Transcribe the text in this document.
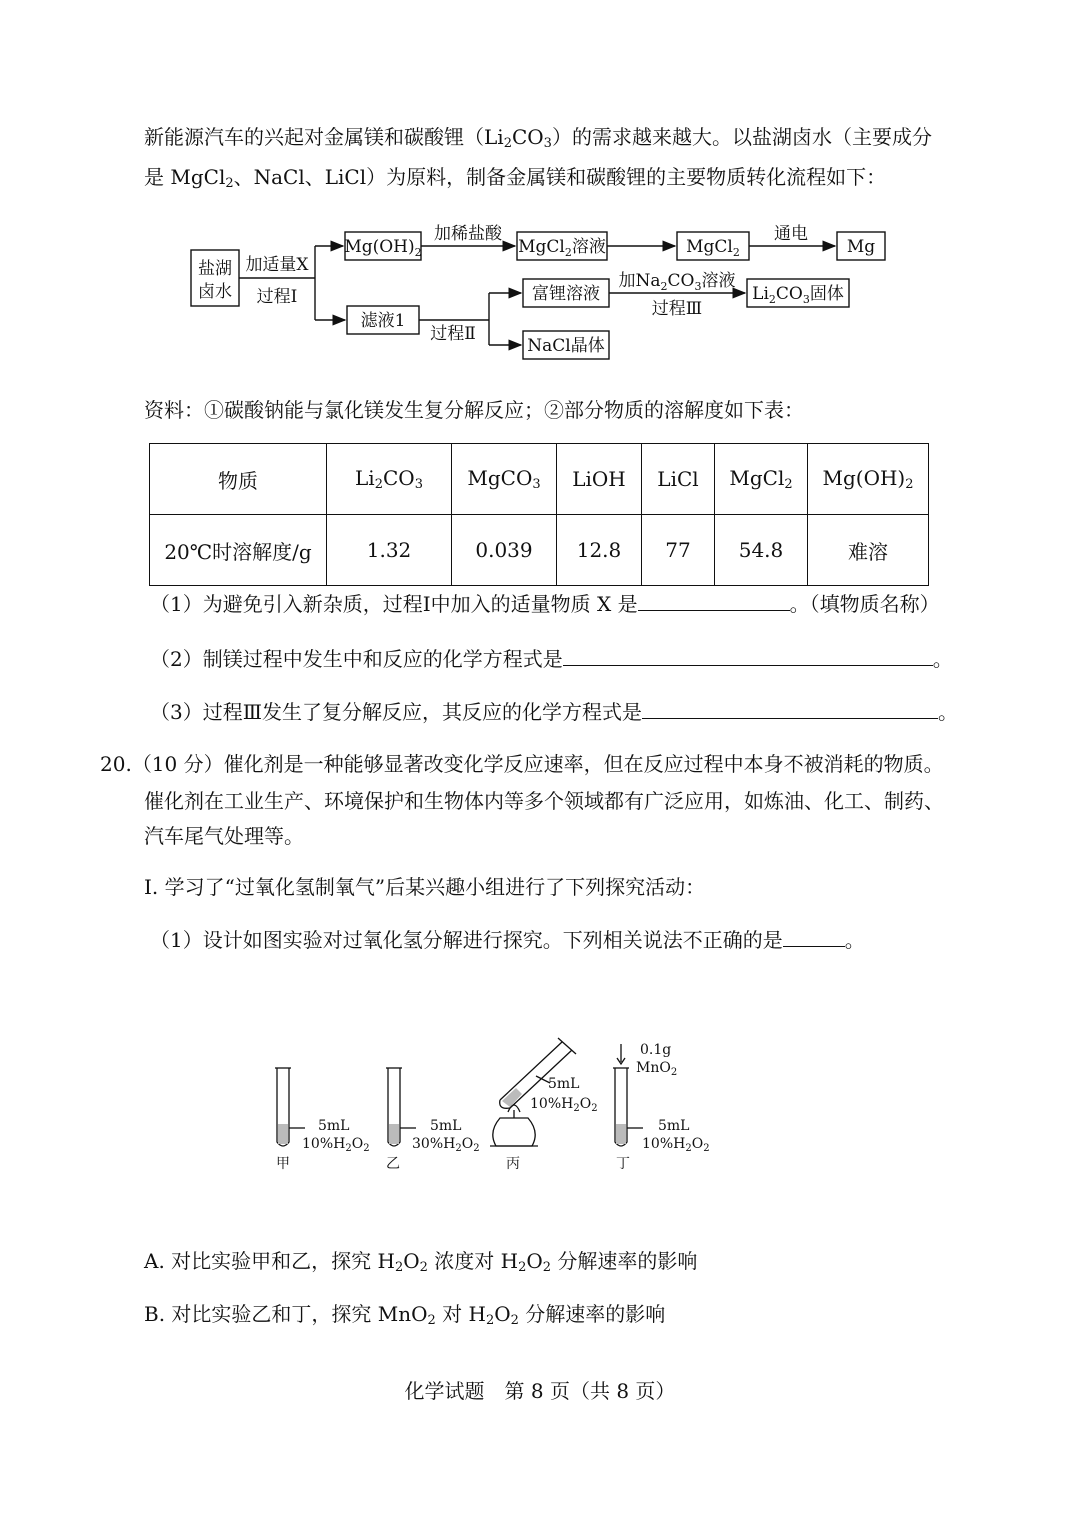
新能源汽车的兴起对金属镁和碳酸锂$(Li_2CO_3)$的需求越来越大。以盐湖卤水（主要成分
是 MgCl$_2$、NaCl、LiCl）为原料，制备金属镁和碳酸锂的主要物质转化流程如下：
盐湖
卤水
加适量X
过程Ⅰ
$Mg(OH)_2$
加稀盐酸
MgCl$_2$溶液	MgCl$_2$
通电
Mg
滤液1
过程Ⅱ
富锂溶液
加$Na_2CO_3$溶液
过程Ⅲ
$Li_2CO_3$固体
NaCl晶体
资料：①碳酸钠能与氯化镁发生复分解反应；②部分物质的溶解度如下表：
物质	$Li_2CO_3$	MgCO$_3$	LiOH	LiCl	MgCl$_2$	$Mg(OH)_2$
20℃时溶解度/g	1.32	0.039	12.8	77	54.8	难溶
（1）为避免引入新杂质，过程Ⅰ中加入的适量物质 X 是	。（填物质名称）
（2）制镁过程中发生中和反应的化学方程式是	。
（3）过程Ⅲ发生了复分解反应，其反应的化学方程式是	。
20.（10 分）催化剂是一种能够显著改变化学反应速率，但在反应过程中本身不被消耗的物质。
催化剂在工业生产、环境保护和生物体内等多个领域都有广泛应用，如炼油、化工、制药、
汽车尾气处理等。
I. 学习了“过氧化氢制氧气”后某兴趣小组进行了下列探究活动：
（1）设计如图实验对过氧化氢分解进行探究。下列相关说法不正确的是	。
5mL
$10\%H_2O_2$
5mL
$30\%H_2O_2$
5mL
$10\%H_2O_2$
0.1g
MnO$_2$
5mL
$10\%H_2O_2$
甲	乙	丙	丁
A. 对比实验甲和乙，探究 $H_2O_2$ 浓度对 $H_2O_2$ 分解速率的影响
B. 对比实验乙和丁，探究 MnO$_2$ 对 $H_2O_2$ 分解速率的影响
化学试题　第 8 页（共 8 页）
